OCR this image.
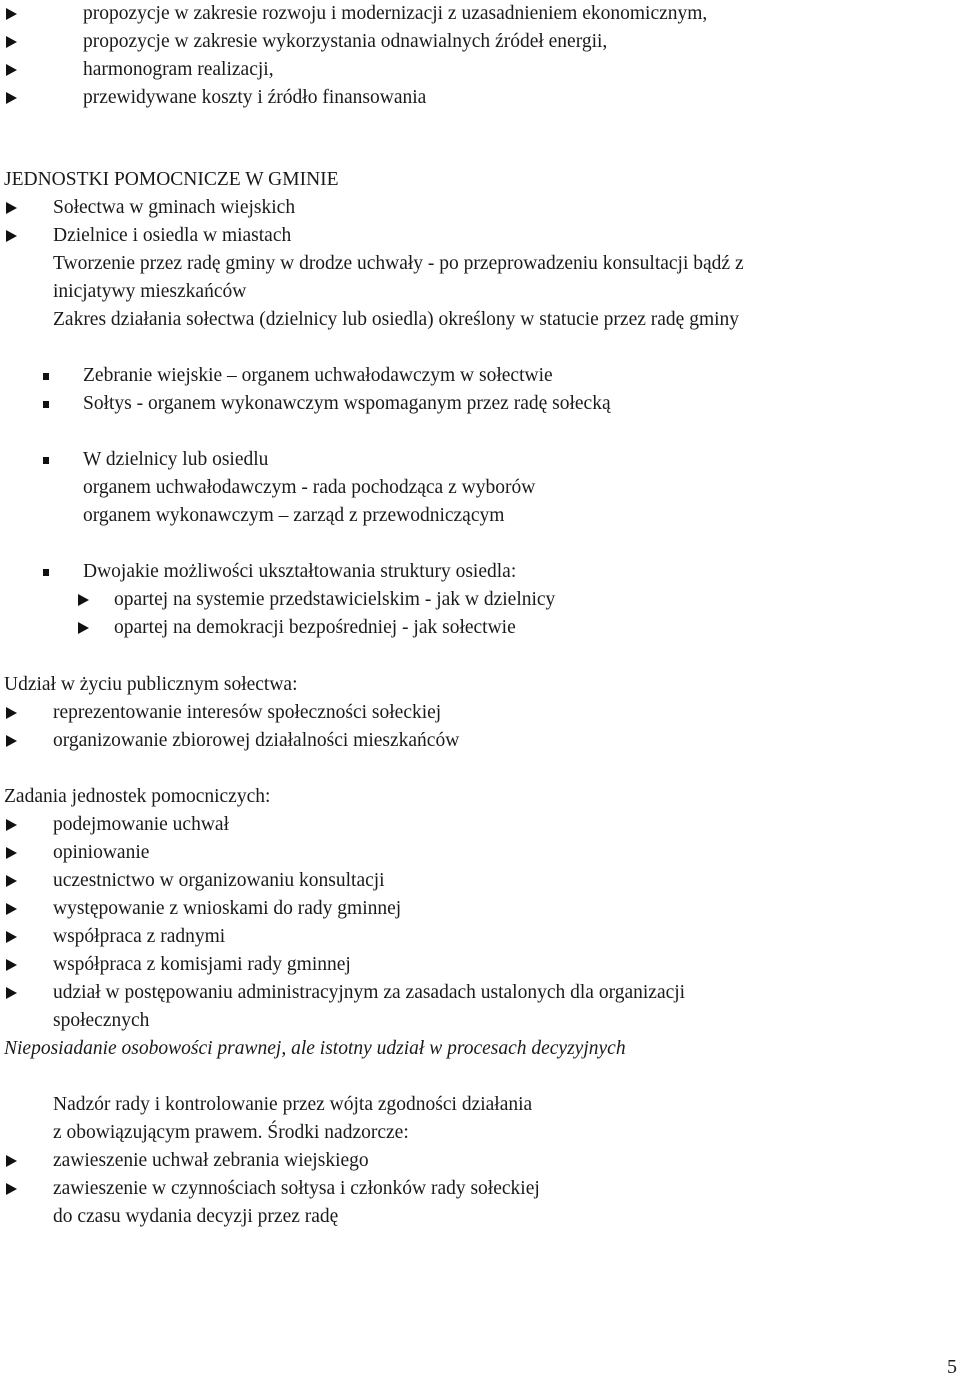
propozycje w zakresie rozwoju i modernizacji z uzasadnieniem ekonomicznym,
propozycje w zakresie wykorzystania odnawialnych źródeł energii,
harmonogram realizacji,
przewidywane koszty i źródło finansowania
JEDNOSTKI POMOCNICZE W GMINIE
Sołectwa w gminach wiejskich
Dzielnice i osiedla w miastach
Tworzenie przez radę gminy w drodze uchwały - po przeprowadzeniu konsultacji bądź z
inicjatywy mieszkańców
Zakres działania sołectwa (dzielnicy lub osiedla) określony w statucie przez radę gminy
Zebranie wiejskie – organem uchwałodawczym w sołectwie
Sołtys - organem wykonawczym wspomaganym przez radę sołecką
W dzielnicy lub osiedlu
organem uchwałodawczym - rada pochodząca z wyborów
organem wykonawczym – zarząd z przewodniczącym
Dwojakie możliwości ukształtowania struktury osiedla:
opartej na systemie przedstawicielskim - jak w dzielnicy
opartej na demokracji bezpośredniej - jak sołectwie
Udział w życiu publicznym sołectwa:
reprezentowanie interesów społeczności sołeckiej
organizowanie zbiorowej działalności mieszkańców
Zadania jednostek pomocniczych:
podejmowanie uchwał
opiniowanie
uczestnictwo w organizowaniu konsultacji
występowanie z wnioskami do rady gminnej
współpraca z radnymi
współpraca z komisjami rady gminnej
udział w postępowaniu administracyjnym za zasadach ustalonych dla organizacji
społecznych
Nieposiadanie osobowości prawnej, ale istotny udział w procesach decyzyjnych
Nadzór rady i kontrolowanie przez wójta zgodności działania
z obowiązującym prawem. Środki nadzorcze:
zawieszenie uchwał zebrania wiejskiego
zawieszenie w czynnościach sołtysa i członków rady sołeckiej
do czasu wydania decyzji przez radę
5
